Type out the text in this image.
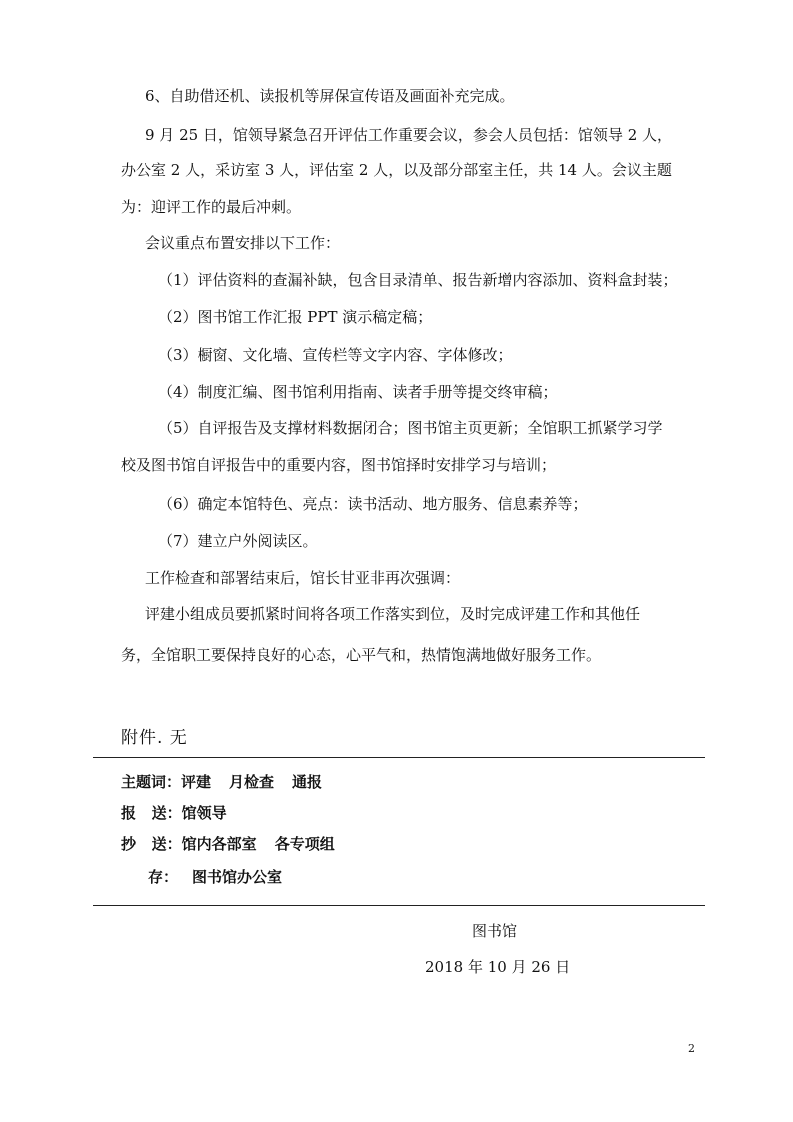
6、自助借还机、读报机等屏保宣传语及画面补充完成。
9 月 25 日，馆领导紧急召开评估工作重要会议，参会人员包括：馆领导 2 人，
办公室 2 人，采访室 3 人，评估室 2 人，以及部分部室主任，共 14 人。会议主题
为：迎评工作的最后冲刺。
会议重点布置安排以下工作：
（1）评估资料的查漏补缺，包含目录清单、报告新增内容添加、资料盒封装；
（2）图书馆工作汇报 PPT 演示稿定稿；
（3）橱窗、文化墙、宣传栏等文字内容、字体修改；
（4）制度汇编、图书馆利用指南、读者手册等提交终审稿；
（5）自评报告及支撑材料数据闭合；图书馆主页更新；全馆职工抓紧学习学
校及图书馆自评报告中的重要内容，图书馆择时安排学习与培训；
（6）确定本馆特色、亮点：读书活动、地方服务、信息素养等；
（7）建立户外阅读区。
工作检查和部署结束后，馆长甘亚非再次强调：
评建小组成员要抓紧时间将各项工作落实到位，及时完成评建工作和其他任
务，全馆职工要保持良好的心态，心平气和，热情饱满地做好服务工作。
附件. 无
主题词：评建 月检查 通报
报   送：馆领导
抄   送：馆内各部室 各专项组
存： 图书馆办公室
图书馆
2018 年 10 月 26 日
2
